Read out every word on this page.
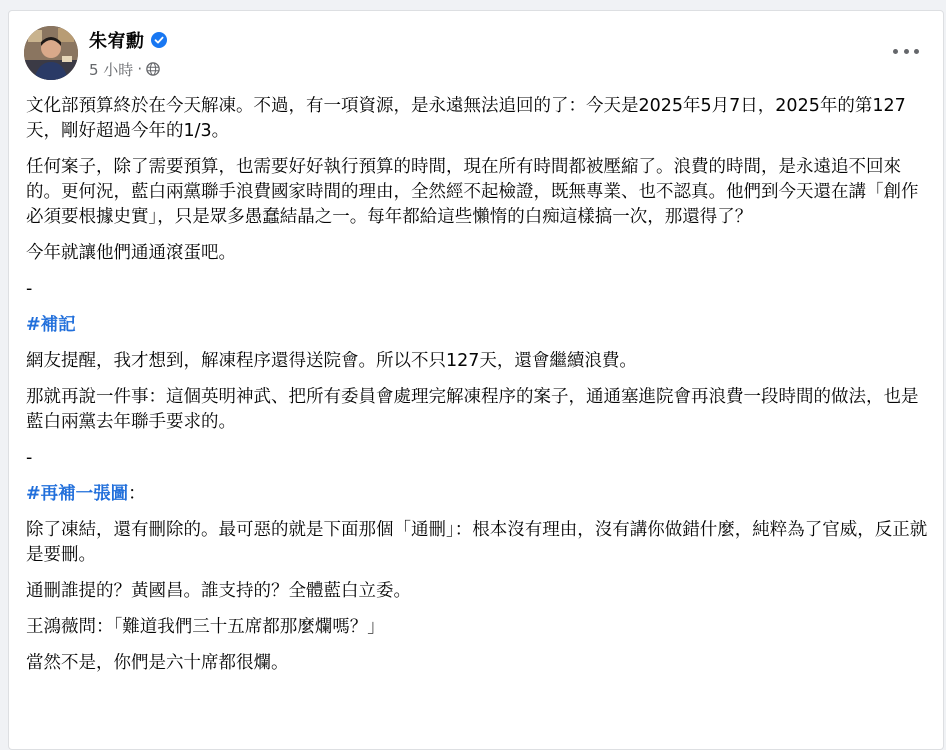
朱宥勳
5 小時 ·

文化部預算終於在今天解凍。不過，有一項資源，是永遠無法追回的了：今天是2025年5月7日，2025年的第127天，剛好超過今年的1/3。

任何案子，除了需要預算，也需要好好執行預算的時間，現在所有時間都被壓縮了。浪費的時間，是永遠追不回來的。更何況，藍白兩黨聯手浪費國家時間的理由，全然經不起檢證，既無專業、也不認真。他們到今天還在講「創作必須要根據史實」，只是眾多愚蠢結晶之一。每年都給這些懶惰的白痴這樣搞一次，那還得了？

今年就讓他們通通滾蛋吧。

-

#補記

網友提醒，我才想到，解凍程序還得送院會。所以不只127天，還會繼續浪費。

那就再說一件事：這個英明神武、把所有委員會處理完解凍程序的案子，通通塞進院會再浪費一段時間的做法，也是藍白兩黨去年聯手要求的。

-

#再補一張圖：

除了凍結，還有刪除的。最可惡的就是下面那個「通刪」：根本沒有理由，沒有講你做錯什麼，純粹為了官威，反正就是要刪。

通刪誰提的？黃國昌。誰支持的？全體藍白立委。

王鴻薇問：「難道我們三十五席都那麼爛嗎？」

當然不是，你們是六十席都很爛。
